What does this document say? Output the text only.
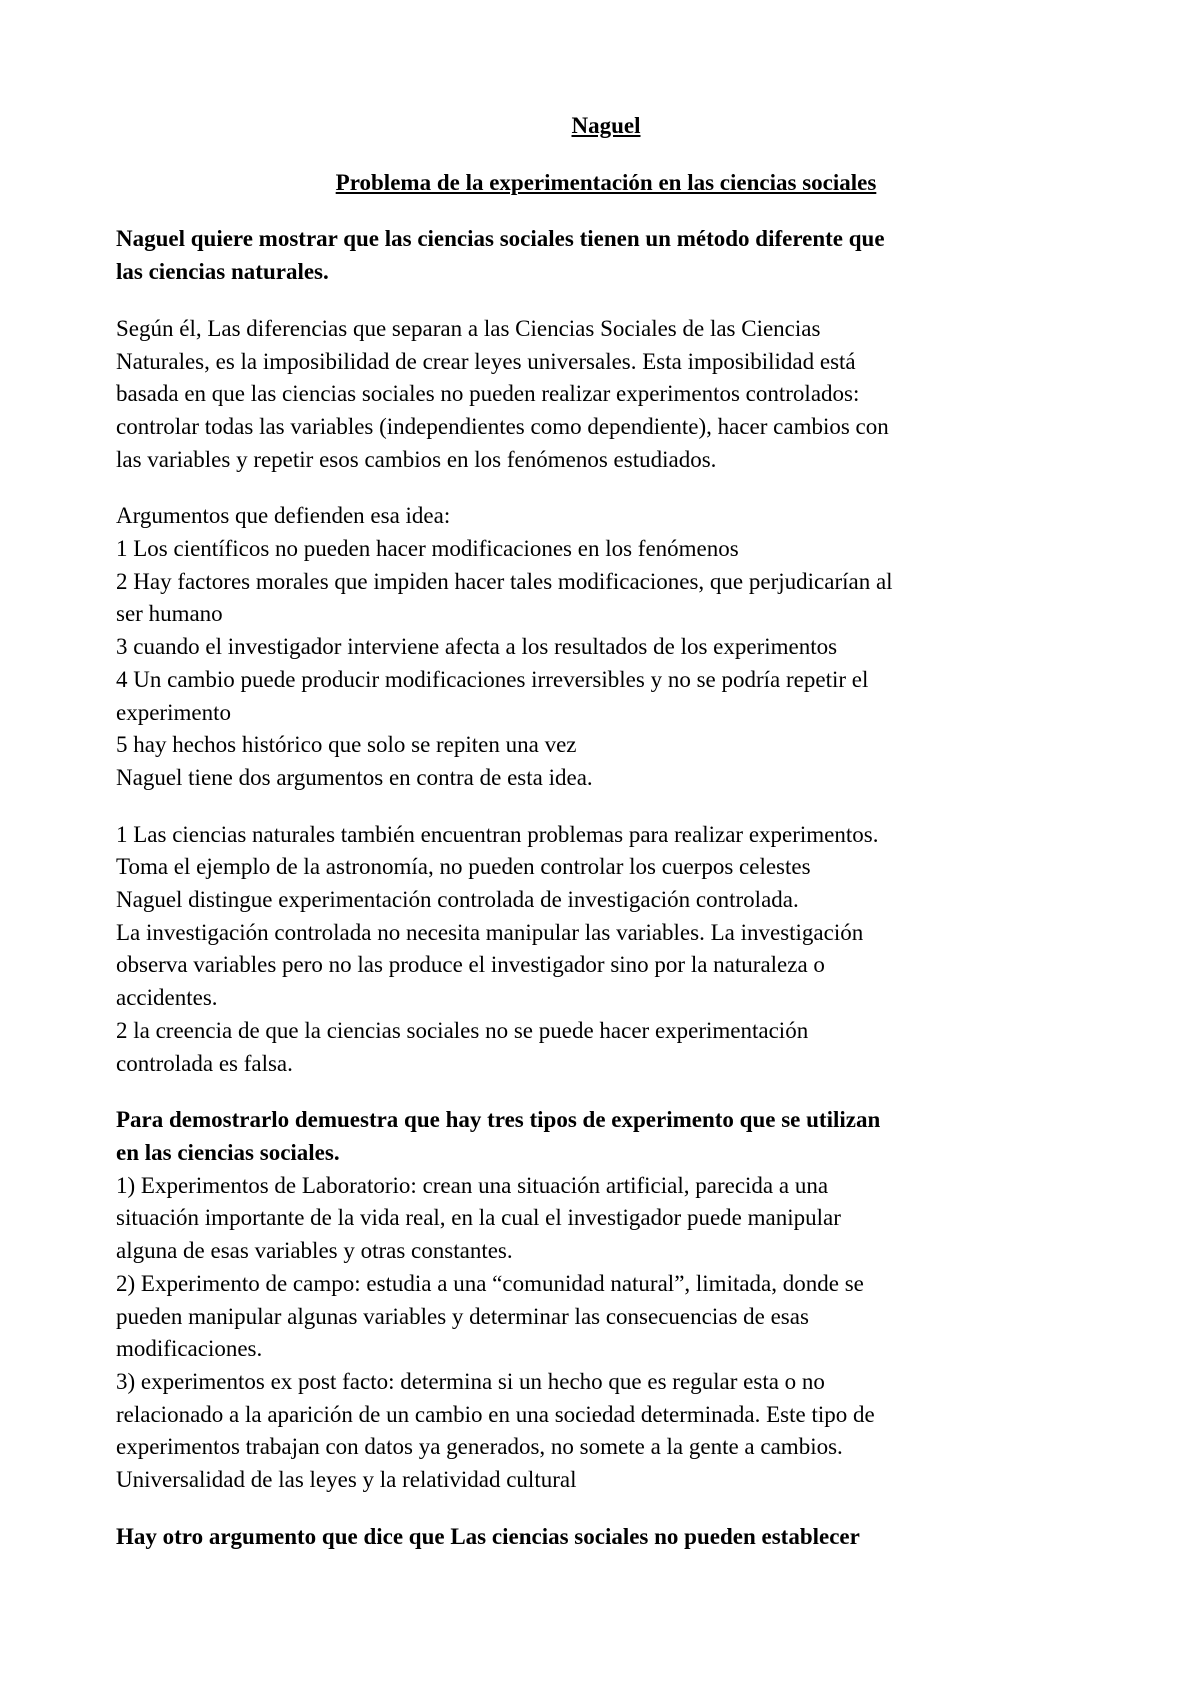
Naguel

Problema de la experimentación en las ciencias sociales

Naguel quiere mostrar que las ciencias sociales tienen un método diferente que
las ciencias naturales.

Según él, Las diferencias que separan a las Ciencias Sociales de las Ciencias
Naturales, es la imposibilidad de crear leyes universales. Esta imposibilidad está
basada en que las ciencias sociales no pueden realizar experimentos controlados:
controlar todas las variables (independientes como dependiente), hacer cambios con
las variables y repetir esos cambios en los fenómenos estudiados.

Argumentos que defienden esa idea:
1 Los científicos no pueden hacer modificaciones en los fenómenos
2 Hay factores morales que impiden hacer tales modificaciones, que perjudicarían al
ser humano
3 cuando el investigador interviene afecta a los resultados de los experimentos
4 Un cambio puede producir modificaciones irreversibles y no se podría repetir el
experimento
5 hay hechos histórico que solo se repiten una vez
Naguel tiene dos argumentos en contra de esta idea.

1 Las ciencias naturales también encuentran problemas para realizar experimentos.
Toma el ejemplo de la astronomía, no pueden controlar los cuerpos celestes
Naguel distingue experimentación controlada de investigación controlada.
La investigación controlada no necesita manipular las variables. La investigación
observa variables pero no las produce el investigador sino por la naturaleza o
accidentes.
2 la creencia de que la ciencias sociales no se puede hacer experimentación
controlada es falsa.

Para demostrarlo demuestra que hay tres tipos de experimento que se utilizan
en las ciencias sociales.
1) Experimentos de Laboratorio: crean una situación artificial, parecida a una
situación importante de la vida real, en la cual el investigador puede manipular
alguna de esas variables y otras constantes.
2) Experimento de campo: estudia a una “comunidad natural”, limitada, donde se
pueden manipular algunas variables y determinar las consecuencias de esas
modificaciones.
3) experimentos ex post facto: determina si un hecho que es regular esta o no
relacionado a la aparición de un cambio en una sociedad determinada. Este tipo de
experimentos trabajan con datos ya generados, no somete a la gente a cambios.
Universalidad de las leyes y la relatividad cultural

Hay otro argumento que dice que Las ciencias sociales no pueden establecer
